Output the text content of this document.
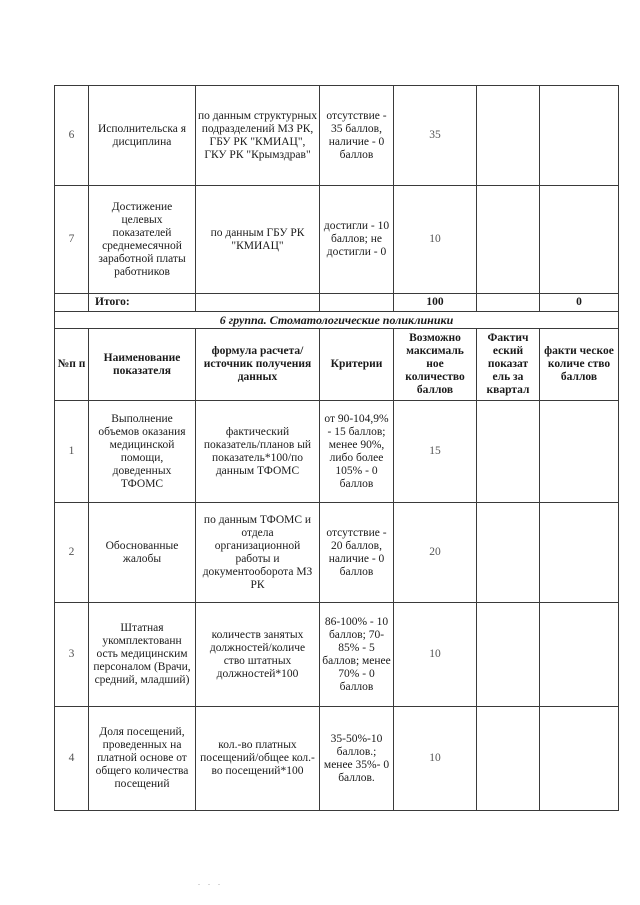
6	Исполнительска я дисциплина	по данным структурных подразделений МЗ РК, ГБУ РК "КМИАЦ", ГКУ РК "Крымздрав"	отсутствие - 35 баллов, наличие - 0 баллов	35		
7	Достижение целевых показателей среднемесячной заработной платы работников	по данным ГБУ РК "КМИАЦ"	достигли - 10 баллов; не достигли - 0	10		
	Итого:			100		0
6 группа. Стоматологические поликлиники						
№п п	Наименование показателя	формула расчета/источник получения данных	Критерии	Возможно максималь ное количество баллов	Фактич еский показат ель за квартал	факти ческое количе ство баллов
1	Выполнение объемов оказания медицинской помощи, доведенных ТФОМС	фактический показатель/планов ый показатель*100/по данным ТФОМС	от 90-104,9% - 15 баллов; менее 90%, либо более 105% - 0 баллов	15		
2	Обоснованные жалобы	по данным ТФОМС и отдела организационной работы и документооборота МЗ РК	отсутствие - 20 баллов, наличие - 0 баллов	20		
3	Штатная укомплектованн ость медицинским персоналом (Врачи, средний, младший)	количеств занятых должностей/количе ство штатных должностей*100	86-100% - 10 баллов; 70-85% - 5 баллов; менее 70% - 0 баллов	10		
4	Доля посещений, проведенных на платной основе от общего количества посещений	кол.-во платных посещений/общее кол.-во посещений*100	35-50%-10 баллов.; менее 35%- 0 баллов.	10		
. . .
